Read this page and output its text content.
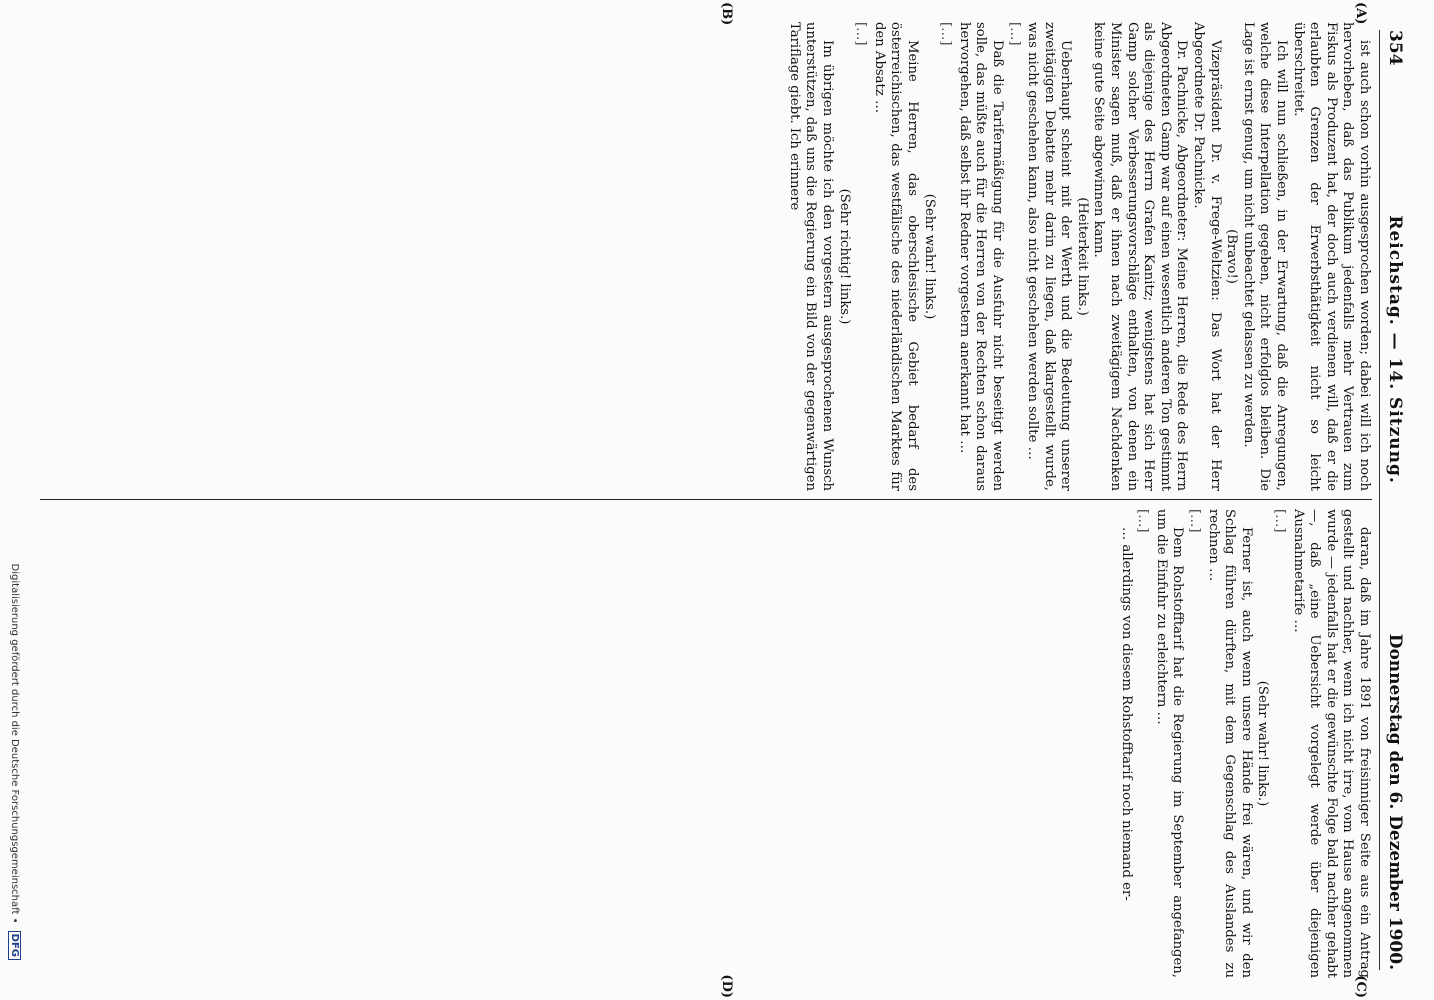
354
Reichstag. — 14. Sitzung.
Donnerstag den 6. Dezember 1900.
(A)
(B)
(C)
(D)

ist auch schon vorhin ausgesprochen worden; dabei will ich noch hervorheben, daß das Publikum jedenfalls mehr Vertrauen zum Fiskus als Produzent hat, der doch auch verdienen will, daß er die erlaubten Grenzen der Erwerbsthätigkeit nicht so leicht überschreitet.

Ich will nun schließen, in der Erwartung, daß die Anregungen, welche diese Interpellation gegeben, nicht erfolglos bleiben. Die Lage ist ernst genug, um nicht unbeachtet gelassen zu werden.

(Bravo!)

Vizepräsident Dr. v. Frege-Weltzien: Das Wort hat der Herr Abgeordnete Dr. Pachnicke.

Dr. Pachnicke, Abgeordneter: Meine Herren, die Rede des Herrn Abgeordneten Gamp war auf einen wesentlich anderen Ton gestimmt als diejenige des Herrn Grafen Kanitz; wenigstens hat sich Herr Gamp solcher Verbesserungsvorschläge enthalten, von denen ein Minister sagen muß, daß er ihnen nach zweitägigem Nachdenken keine gute Seite abgewinnen kann.

(Heiterkeit links.)

Ueberhaupt scheint mit der Werth und die Bedeutung unserer zweitägigen Debatte mehr darin zu liegen, daß klargestellt wurde, was nicht geschehen kann, also nicht geschehen werden sollte …

[…]

Daß die Tarifermäßigung für die Ausfuhr nicht beseitigt werden solle, das müßte auch für die Herren von der Rechten schon daraus hervorgehen, daß selbst ihr Redner vorgestern anerkannt hat …

[…]

(Sehr wahr! links.)

Meine Herren, das oberschlesische Gebiet bedarf des österreichischen, das westfälische des niederländischen Marktes für den Absatz …

[…]

(Sehr richtig! links.)

Im übrigen möchte ich den vorgestern ausgesprochenen Wunsch unterstützen, daß uns die Regierung ein Bild von der gegenwärtigen Tariflage giebt. Ich erinnere

daran, daß im Jahre 1891 von freisinniger Seite aus ein Antrag gestellt und nachher, wenn ich nicht irre, vom Hause angenommen wurde — jedenfalls hat er die gewünschte Folge bald nachher gehabt —, daß „eine Uebersicht vorgelegt werde über diejenigen Ausnahmetarife …

[…]

(Sehr wahr! links.)

Ferner ist, auch wenn unsere Hände frei wären, und wir den Schlag führen dürften, mit dem Gegenschlag des Auslandes zu rechnen …

[…]

Dem Rohstofftarif hat die Regierung im September angefangen, um die Einfuhr zu erleichtern …

[…]

… allerdings von diesem Rohstofftarif noch niemand er-

Digitalisierung gefördert durch die Deutsche Forschungsgemeinschaft • DFG
